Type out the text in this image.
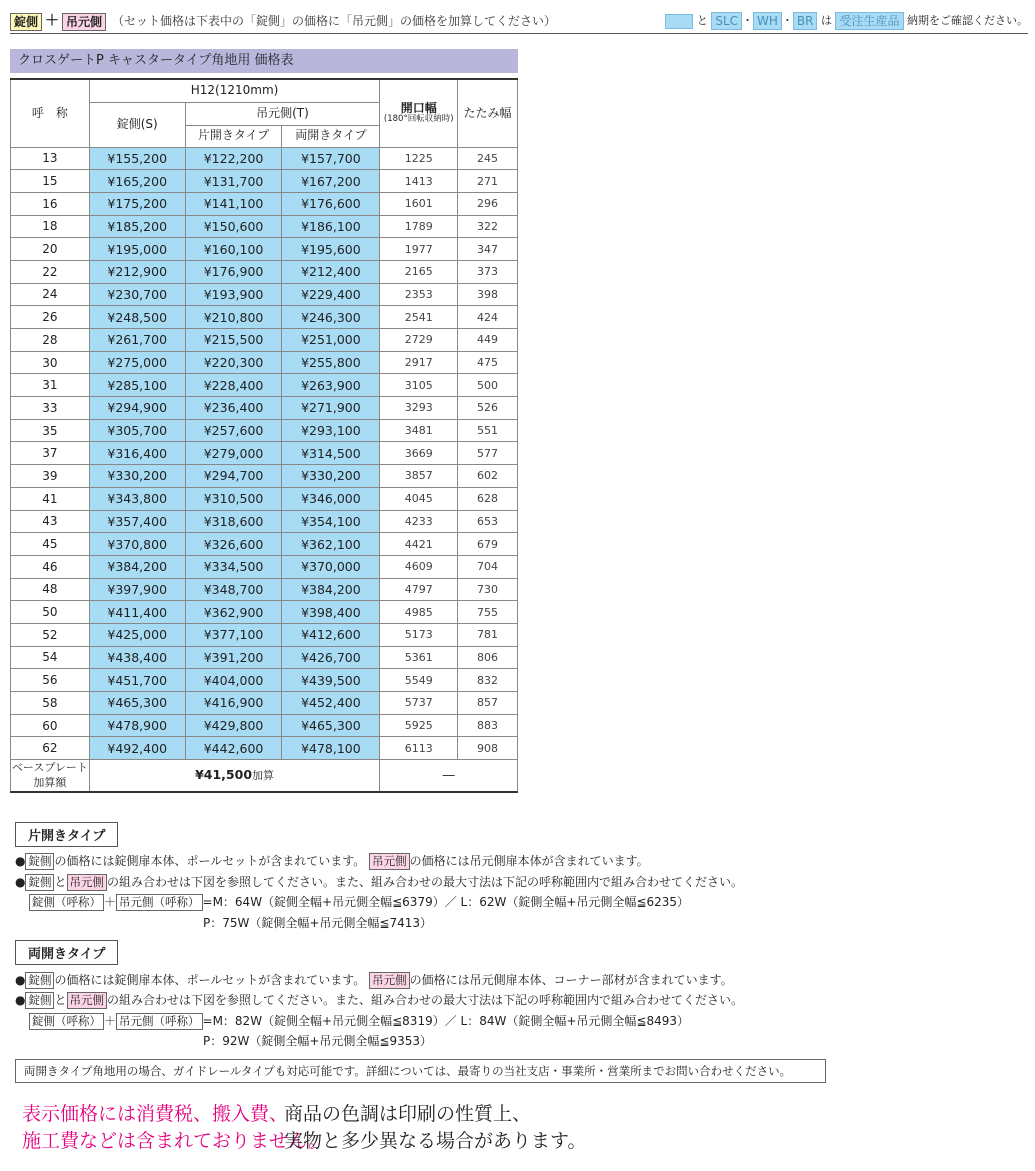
錠側 ＋ 吊元側 （セット価格は下表中の「錠側」の価格に「吊元側」の価格を加算してください）	と SLC ・ WH ・ BR は 受注生産品 納期をご確認ください。
クロスゲートP キャスタータイプ角地用 価格表
呼　称	H12(1210mm)			開口幅
(180°回転収納時)	たたみ幅
	錠側(S)	吊元側(T)			
		片開きタイプ	両開きタイプ		
13	¥155,200	¥122,200	¥157,700	1225	245
15	¥165,200	¥131,700	¥167,200	1413	271
16	¥175,200	¥141,100	¥176,600	1601	296
18	¥185,200	¥150,600	¥186,100	1789	322
20	¥195,000	¥160,100	¥195,600	1977	347
22	¥212,900	¥176,900	¥212,400	2165	373
24	¥230,700	¥193,900	¥229,400	2353	398
26	¥248,500	¥210,800	¥246,300	2541	424
28	¥261,700	¥215,500	¥251,000	2729	449
30	¥275,000	¥220,300	¥255,800	2917	475
31	¥285,100	¥228,400	¥263,900	3105	500
33	¥294,900	¥236,400	¥271,900	3293	526
35	¥305,700	¥257,600	¥293,100	3481	551
37	¥316,400	¥279,000	¥314,500	3669	577
39	¥330,200	¥294,700	¥330,200	3857	602
41	¥343,800	¥310,500	¥346,000	4045	628
43	¥357,400	¥318,600	¥354,100	4233	653
45	¥370,800	¥326,600	¥362,100	4421	679
46	¥384,200	¥334,500	¥370,000	4609	704
48	¥397,900	¥348,700	¥384,200	4797	730
50	¥411,400	¥362,900	¥398,400	4985	755
52	¥425,000	¥377,100	¥412,600	5173	781
54	¥438,400	¥391,200	¥426,700	5361	806
56	¥451,700	¥404,000	¥439,500	5549	832
58	¥465,300	¥416,900	¥452,400	5737	857
60	¥478,900	¥429,800	¥465,300	5925	883
62	¥492,400	¥442,600	¥478,100	6113	908

ベースプレート
加算額	¥41,500加算			―	
片開きタイプ
● 錠側 の価格には錠側扉本体、ポールセットが含まれています。 吊元側 の価格には吊元側扉本体が含まれています。
● 錠側 と 吊元側 の組み合わせは下図を参照してください。また、組み合わせの最大寸法は下記の呼称範囲内で組み合わせてください。
錠側（呼称） ＋ 吊元側（呼称） =M：64W（錠側全幅+吊元側全幅≦6379）／ L：62W（錠側全幅+吊元側全幅≦6235）
P：75W（錠側全幅+吊元側全幅≦7413）
両開きタイプ
● 錠側 の価格には錠側扉本体、ポールセットが含まれています。 吊元側 の価格には吊元側扉本体、コーナー部材が含まれています。
● 錠側 と 吊元側 の組み合わせは下図を参照してください。また、組み合わせの最大寸法は下記の呼称範囲内で組み合わせてください。
錠側（呼称） ＋ 吊元側（呼称） =M：82W（錠側全幅+吊元側全幅≦8319）／ L：84W（錠側全幅+吊元側全幅≦8493）
P：92W（錠側全幅+吊元側全幅≦9353）
両開きタイプ角地用の場合、ガイドレールタイプも対応可能です。詳細については、最寄りの当社支店・事業所・営業所までお問い合わせください。
表示価格には消費税、搬入費、
施工費などは含まれておりません。
商品の色調は印刷の性質上、
実物と多少異なる場合があります。
